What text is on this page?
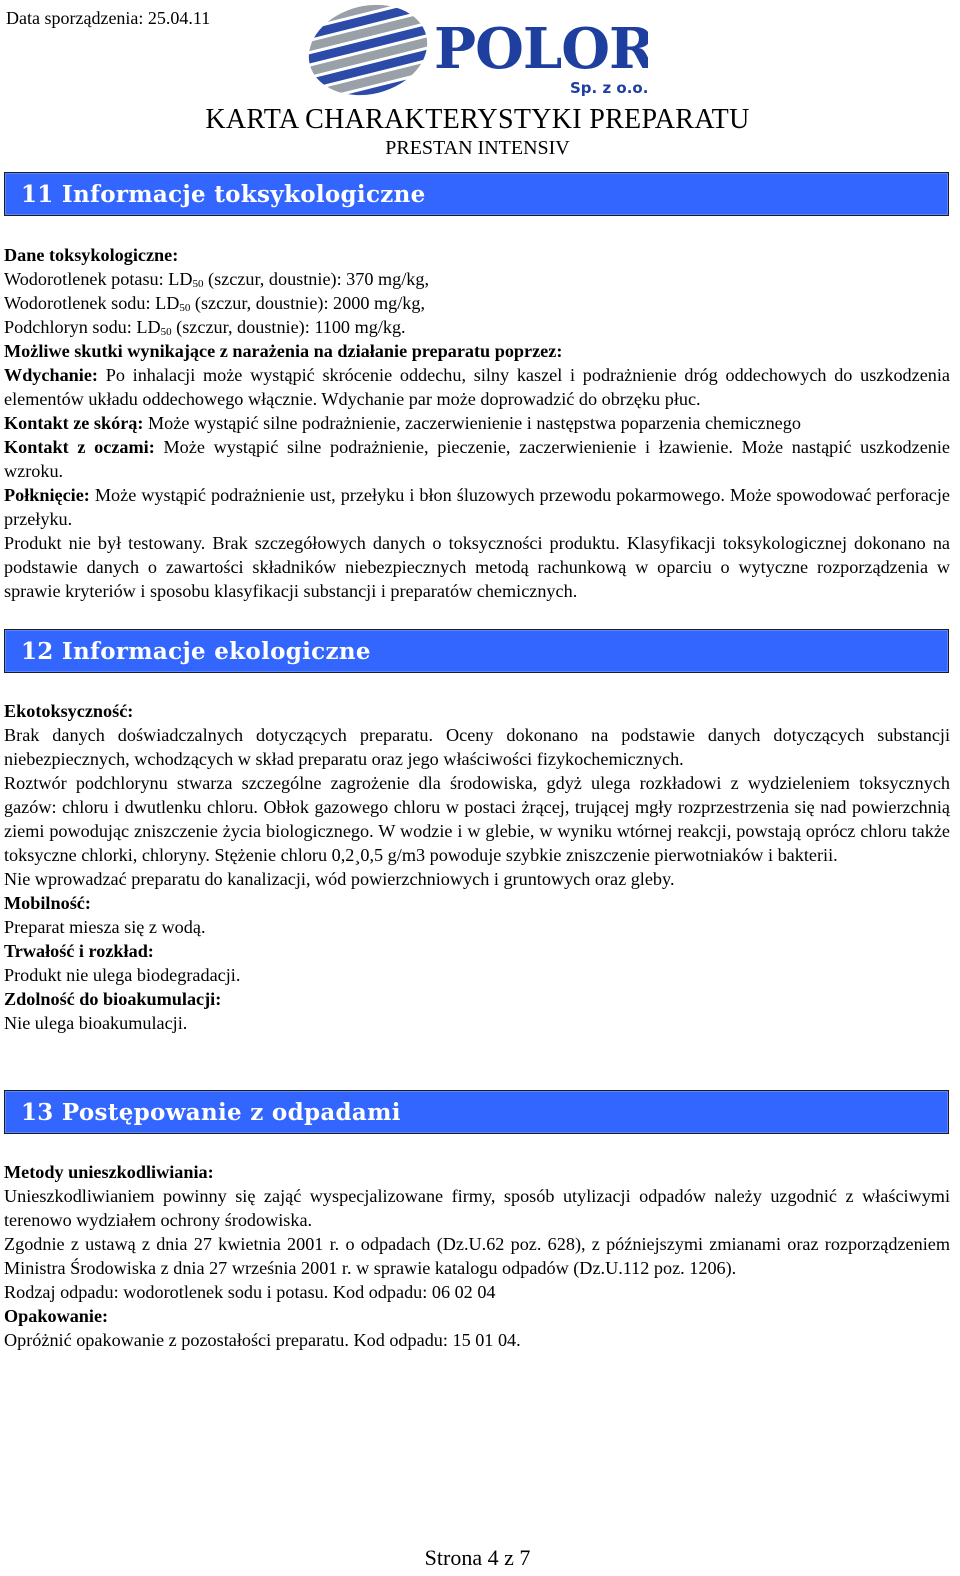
Data sporządzenia: 25.04.11	POLOR
Sp. z o.o.
KARTA CHARAKTERYSTYKI PREPARATU
PRESTAN INTENSIV
11 Informacje toksykologiczne

Dane toksykologiczne:

Wodorotlenek potasu: $LD_{50}$ (szczur, doustnie): 370 mg/kg,

Wodorotlenek sodu: $LD_{50}$ (szczur, doustnie): 2000 mg/kg,

Podchloryn sodu: $LD_{50}$ (szczur, doustnie): 1100 mg/kg.

Możliwe skutki wynikające z narażenia na działanie preparatu poprzez:

Wdychanie: Po inhalacji może wystąpić skrócenie oddechu, silny kaszel i podrażnienie dróg oddechowych do uszkodzenia elementów układu oddechowego włącznie. Wdychanie par może doprowadzić do obrzęku płuc.

Kontakt ze skórą: Może wystąpić silne podrażnienie, zaczerwienienie i następstwa poparzenia chemicznego

Kontakt z oczami: Może wystąpić silne podrażnienie, pieczenie, zaczerwienienie i łzawienie. Może nastąpić uszkodzenie wzroku.

Połknięcie: Może wystąpić podrażnienie ust, przełyku i błon śluzowych przewodu pokarmowego. Może spowodować perforacje przełyku.

Produkt nie był testowany. Brak szczegółowych danych o toksyczności produktu. Klasyfikacji toksykologicznej dokonano na podstawie danych o zawartości składników niebezpiecznych metodą rachunkową w oparciu o wytyczne rozporządzenia w sprawie kryteriów i sposobu klasyfikacji substancji i preparatów chemicznych.

12 Informacje ekologiczne

Ekotoksyczność:

Brak danych doświadczalnych dotyczących preparatu. Oceny dokonano na podstawie danych dotyczących substancji niebezpiecznych, wchodzących w skład preparatu oraz jego właściwości fizykochemicznych.

Roztwór podchlorynu stwarza szczególne zagrożenie dla środowiska, gdyż ulega rozkładowi z wydzieleniem toksycznych gazów: chloru i dwutlenku chloru. Obłok gazowego chloru w postaci żrącej, trującej mgły rozprzestrzenia się nad powierzchnią ziemi powodując zniszczenie życia biologicznego. W wodzie i w glebie, w wyniku wtórnej reakcji, powstają oprócz chloru także toksyczne chlorki, chloryny. Stężenie chloru 0,2¸0,5 g/m3 powoduje szybkie zniszczenie pierwotniaków i bakterii.

Nie wprowadzać preparatu do kanalizacji, wód powierzchniowych i gruntowych oraz gleby.

Mobilność:

Preparat miesza się z wodą.

Trwałość i rozkład:

Produkt nie ulega biodegradacji.

Zdolność do bioakumulacji:

Nie ulega bioakumulacji.

13 Postępowanie z odpadami

Metody unieszkodliwiania:

Unieszkodliwianiem powinny się zająć wyspecjalizowane firmy, sposób utylizacji odpadów należy uzgodnić z właściwymi terenowo wydziałem ochrony środowiska.

Zgodnie z ustawą z dnia 27 kwietnia 2001 r. o odpadach (Dz.U.62 poz. 628), z późniejszymi zmianami oraz rozporządzeniem Ministra Środowiska z dnia 27 września 2001 r. w sprawie katalogu odpadów (Dz.U.112 poz. 1206).

Rodzaj odpadu: wodorotlenek sodu i potasu. Kod odpadu: 06 02 04

Opakowanie:

Opróżnić opakowanie z pozostałości preparatu. Kod odpadu: 15 01 04.

Strona 4 z 7
